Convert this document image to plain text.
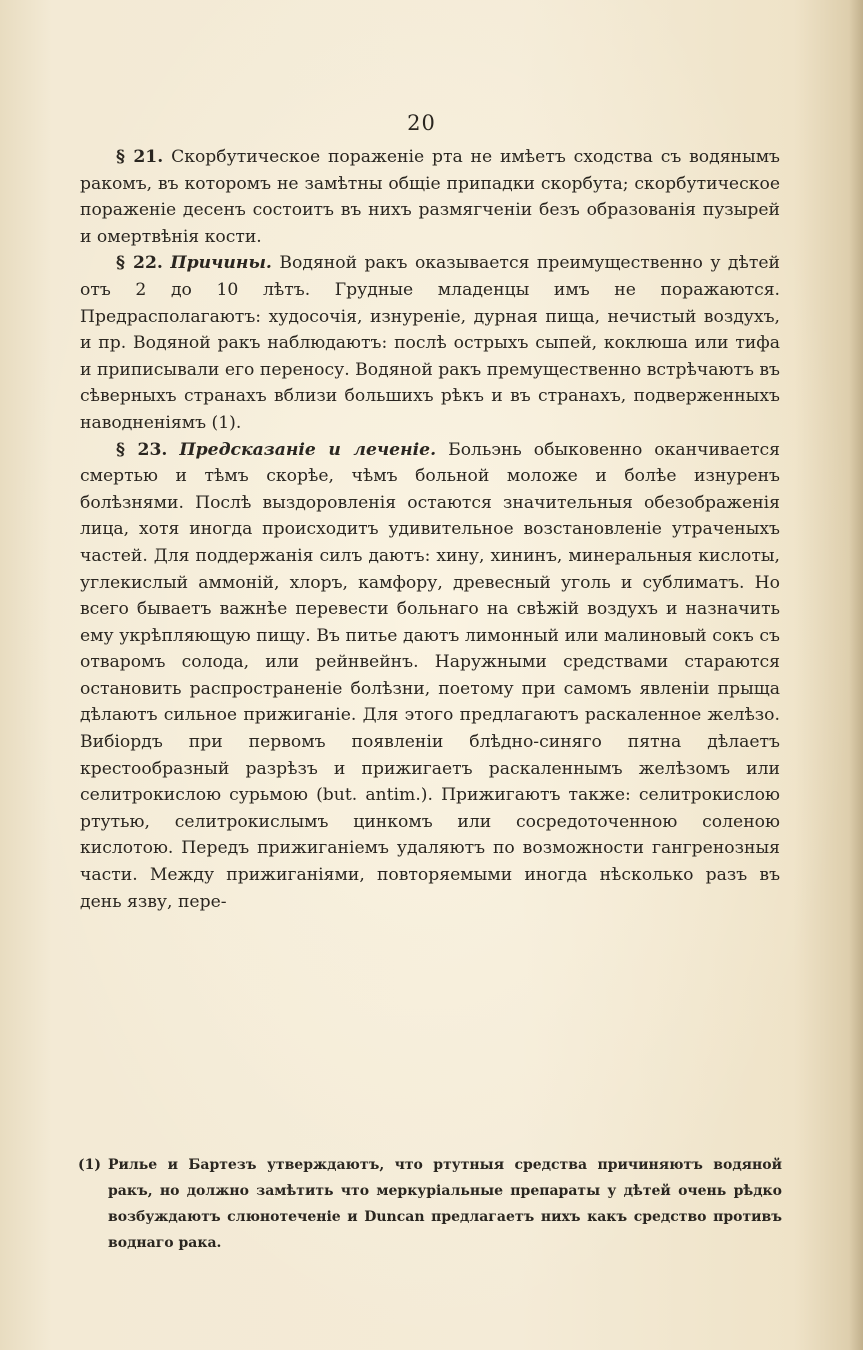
20

§ 21. Скорбутическое пораженіе рта не имѣетъ сходства съ водянымъ ракомъ, въ которомъ не замѣтны общіе припадки скорбута; скорбутическое пораженіе десенъ состоитъ въ нихъ размягченіи безъ образованія пузырей и омертвѣнія кости.

§ 22. Причины. Водяной ракъ оказывается преимущественно у дѣтей отъ 2 до 10 лѣтъ. Грудные младенцы имъ не поражаются. Предрасполагаютъ: худосочія, изнуреніе, дурная пища, нечистый воздухъ, и пр. Водяной ракъ наблюдаютъ: послѣ острыхъ сыпей, коклюша или тифа и приписывали его переносу. Водяной ракъ премущественно встрѣчаютъ въ сѣверныхъ странахъ вблизи большихъ рѣкъ и въ странахъ, подверженныхъ наводненіямъ (1).

§ 23. Предсказаніе и леченіе. Больэнь обыковенно оканчивается смертью и тѣмъ скорѣе, чѣмъ больной моложе и болѣе изнуренъ болѣзнями. Послѣ выздоровленія остаются значительныя обезображенія лица, хотя иногда происходитъ удивительное возстановленіе утраченыхъ частей. Для поддержанія силъ даютъ: хину, хининъ, минеральныя кислоты, углекислый аммоній, хлоръ, камфору, древесный уголь и сублиматъ. Но всего бываетъ важнѣе перевести больнаго на свѣжій воздухъ и назначить ему укрѣпляющую пищу. Въ питье даютъ лимонный или малиновый сокъ съ отваромъ солода, или рейнвейнъ. Наружными средствами стараются остановить распространеніе болѣзни, поетому при самомъ явленіи прыща дѣлаютъ сильное прижиганіе. Для этого предлагаютъ раскаленное желѣзо. Вибіордъ при первомъ появленіи блѣдно-синяго пятна дѣлаетъ крестообразный разрѣзъ и прижигаетъ раскаленнымъ желѣзомъ или селитрокислою сурьмою (but. antim.). Прижигаютъ также: селитрокислою ртутью, селитрокислымъ цинкомъ или сосредоточенною соленою кислотою. Передъ прижиганіемъ удаляютъ по возможности гангренозныя части. Между прижиганіями, повторяемыми иногда нѣсколько разъ въ день язву, пере-

(1) Рилье и Бартезъ утверждаютъ, что ртутныя средства причиняютъ водяной ракъ, но должно замѣтить что меркуріальные препараты у дѣтей очень рѣдко возбуждаютъ слюнотеченіе и Duncan предлагаетъ нихъ какъ средство противъ воднаго рака.
